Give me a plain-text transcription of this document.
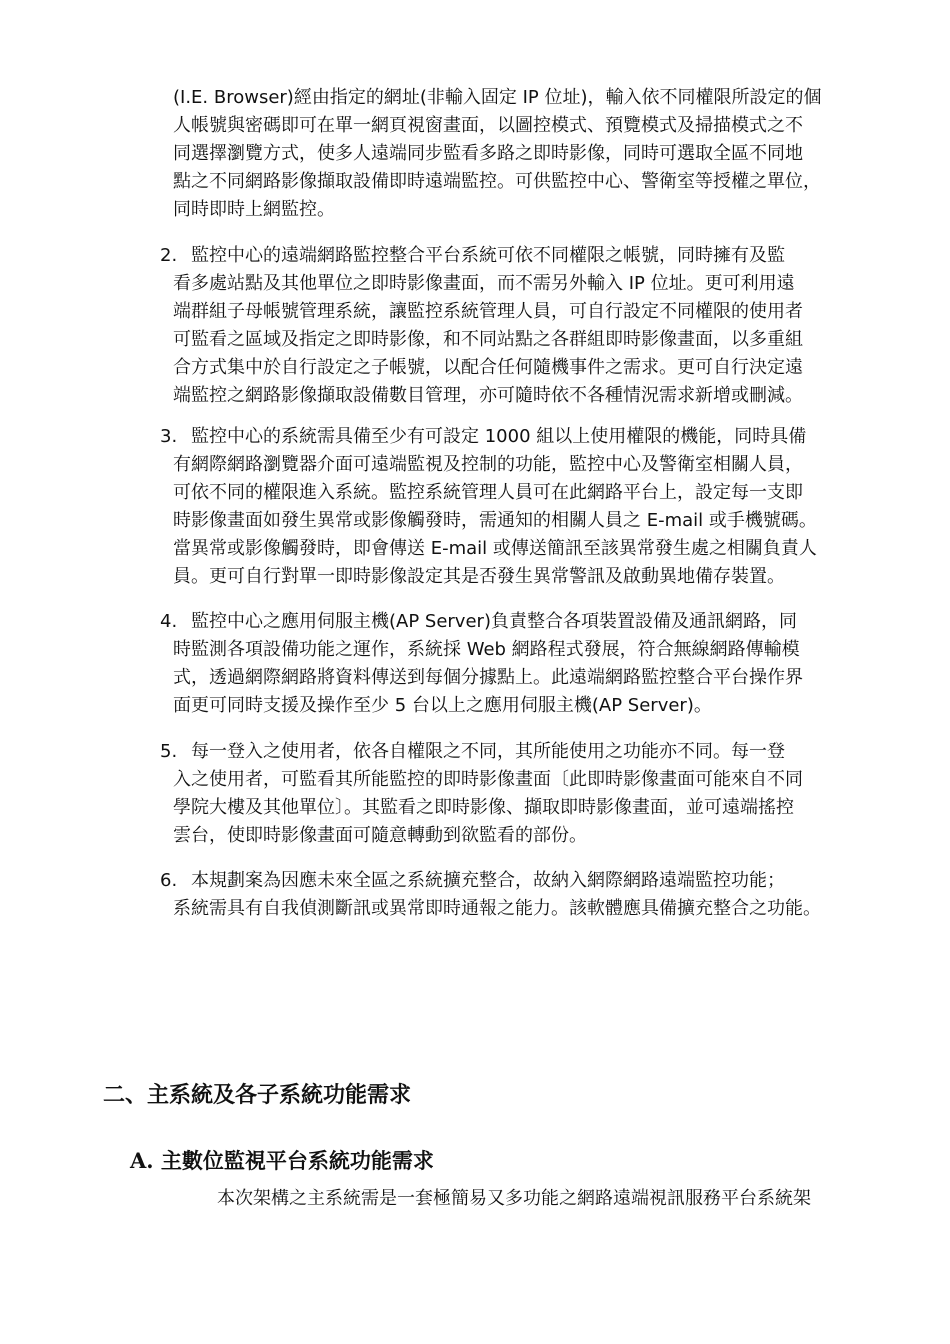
(I.E. Browser)經由指定的網址(非輸入固定 IP 位址)，輸入依不同權限所設定的個
人帳號與密碼即可在單一網頁視窗畫面，以圖控模式、預覽模式及掃描模式之不
同選擇瀏覽方式，使多人遠端同步監看多路之即時影像，同時可選取全區不同地
點之不同網路影像擷取設備即時遠端監控。可供監控中心、警衛室等授權之單位，
同時即時上網監控。
2. 　監控中心的遠端網路監控整合平台系統可依不同權限之帳號，同時擁有及監
看多處站點及其他單位之即時影像畫面，而不需另外輸入 IP 位址。更可利用遠
端群組子母帳號管理系統，讓監控系統管理人員，可自行設定不同權限的使用者
可監看之區域及指定之即時影像，和不同站點之各群組即時影像畫面，以多重組
合方式集中於自行設定之子帳號，以配合任何隨機事件之需求。更可自行決定遠
端監控之網路影像擷取設備數目管理，亦可隨時依不各種情況需求新增或刪減。
3. 　監控中心的系統需具備至少有可設定 1000 組以上使用權限的機能，同時具備
有網際網路瀏覽器介面可遠端監視及控制的功能，監控中心及警衛室相關人員，
可依不同的權限進入系統。監控系統管理人員可在此網路平台上，設定每一支即
時影像畫面如發生異常或影像觸發時，需通知的相關人員之 E-mail 或手機號碼。
當異常或影像觸發時，即會傳送 E-mail 或傳送簡訊至該異常發生處之相關負責人
員。更可自行對單一即時影像設定其是否發生異常警訊及啟動異地備存裝置。
4. 　監控中心之應用伺服主機(AP Server)負責整合各項裝置設備及通訊網路，同
時監測各項設備功能之運作，系統採 Web 網路程式發展，符合無線網路傳輸模
式，透過網際網路將資料傳送到每個分據點上。此遠端網路監控整合平台操作界
面更可同時支援及操作至少 5 台以上之應用伺服主機(AP Server)。
5. 　每一登入之使用者，依各自權限之不同，其所能使用之功能亦不同。每一登
入之使用者，可監看其所能監控的即時影像畫面〔此即時影像畫面可能來自不同
學院大樓及其他單位〕。其監看之即時影像、擷取即時影像畫面，並可遠端搖控
雲台，使即時影像畫面可隨意轉動到欲監看的部份。
6. 　本規劃案為因應未來全區之系統擴充整合，故納入網際網路遠端監控功能；
系統需具有自我偵測斷訊或異常即時通報之能力。該軟體應具備擴充整合之功能。
二、主系統及各子系統功能需求
A. 主數位監視平台系統功能需求
本次架構之主系統需是一套極簡易又多功能之網路遠端視訊服務平台系統架
